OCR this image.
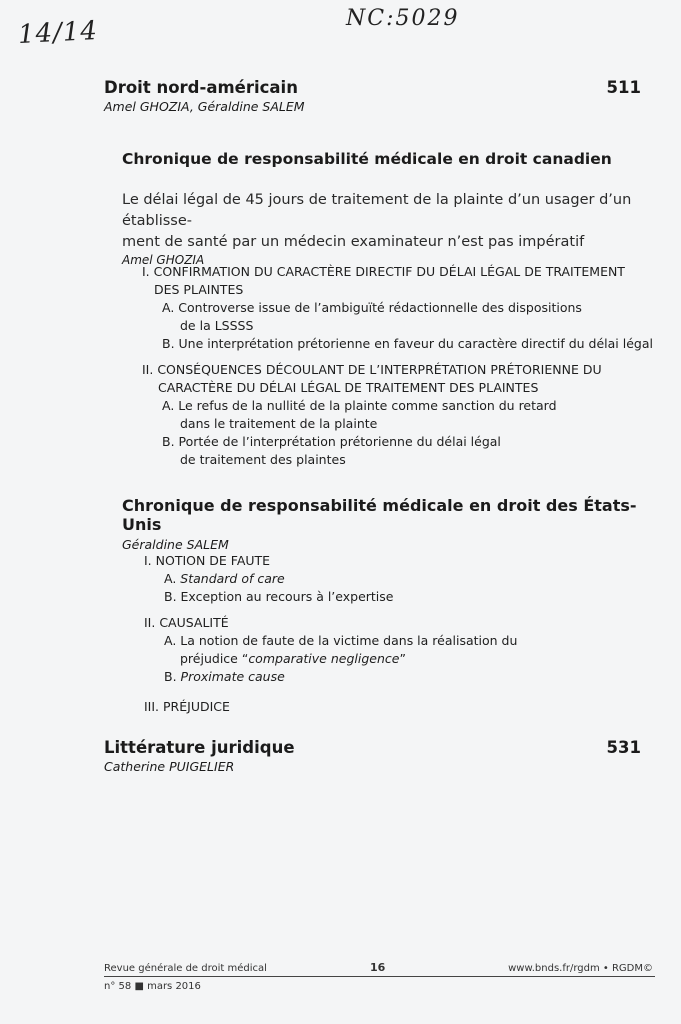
14/14	NC:5029
Droit nord-américain	511
Amel GHOZIA, Géraldine SALEM
Chronique de responsabilité médicale en droit canadien
Le délai légal de 45 jours de traitement de la plainte d’un usager d’un établisse-
ment de santé par un médecin examinateur n’est pas impératif
Amel GHOZIA
I. CONFIRMATION DU CARACTÈRE DIRECTIF DU DÉLAI LÉGAL DE TRAITEMENT
DES PLAINTES
A. Controverse issue de l’ambiguïté rédactionnelle des dispositions
de la LSSSS
B. Une interprétation prétorienne en faveur du caractère directif du délai légal
II. CONSÉQUENCES DÉCOULANT DE L’INTERPRÉTATION PRÉTORIENNE DU
CARACTÈRE DU DÉLAI LÉGAL DE TRAITEMENT DES PLAINTES
A. Le refus de la nullité de la plainte comme sanction du retard
dans le traitement de la plainte
B. Portée de l’interprétation prétorienne du délai légal
de traitement des plaintes
Chronique de responsabilité médicale en droit des États-Unis
Géraldine SALEM
I. NOTION DE FAUTE
A. Standard of care
B. Exception au recours à l’expertise
II. CAUSALITÉ
A. La notion de faute de la victime dans la réalisation du
préjudice “comparative negligence”
B. Proximate cause
III. PRÉJUDICE
Littérature juridique	531
Catherine PUIGELIER
Revue générale de droit médical	16	www.bnds.fr/rgdm • RGDM©
n° 58 ■ mars 2016
